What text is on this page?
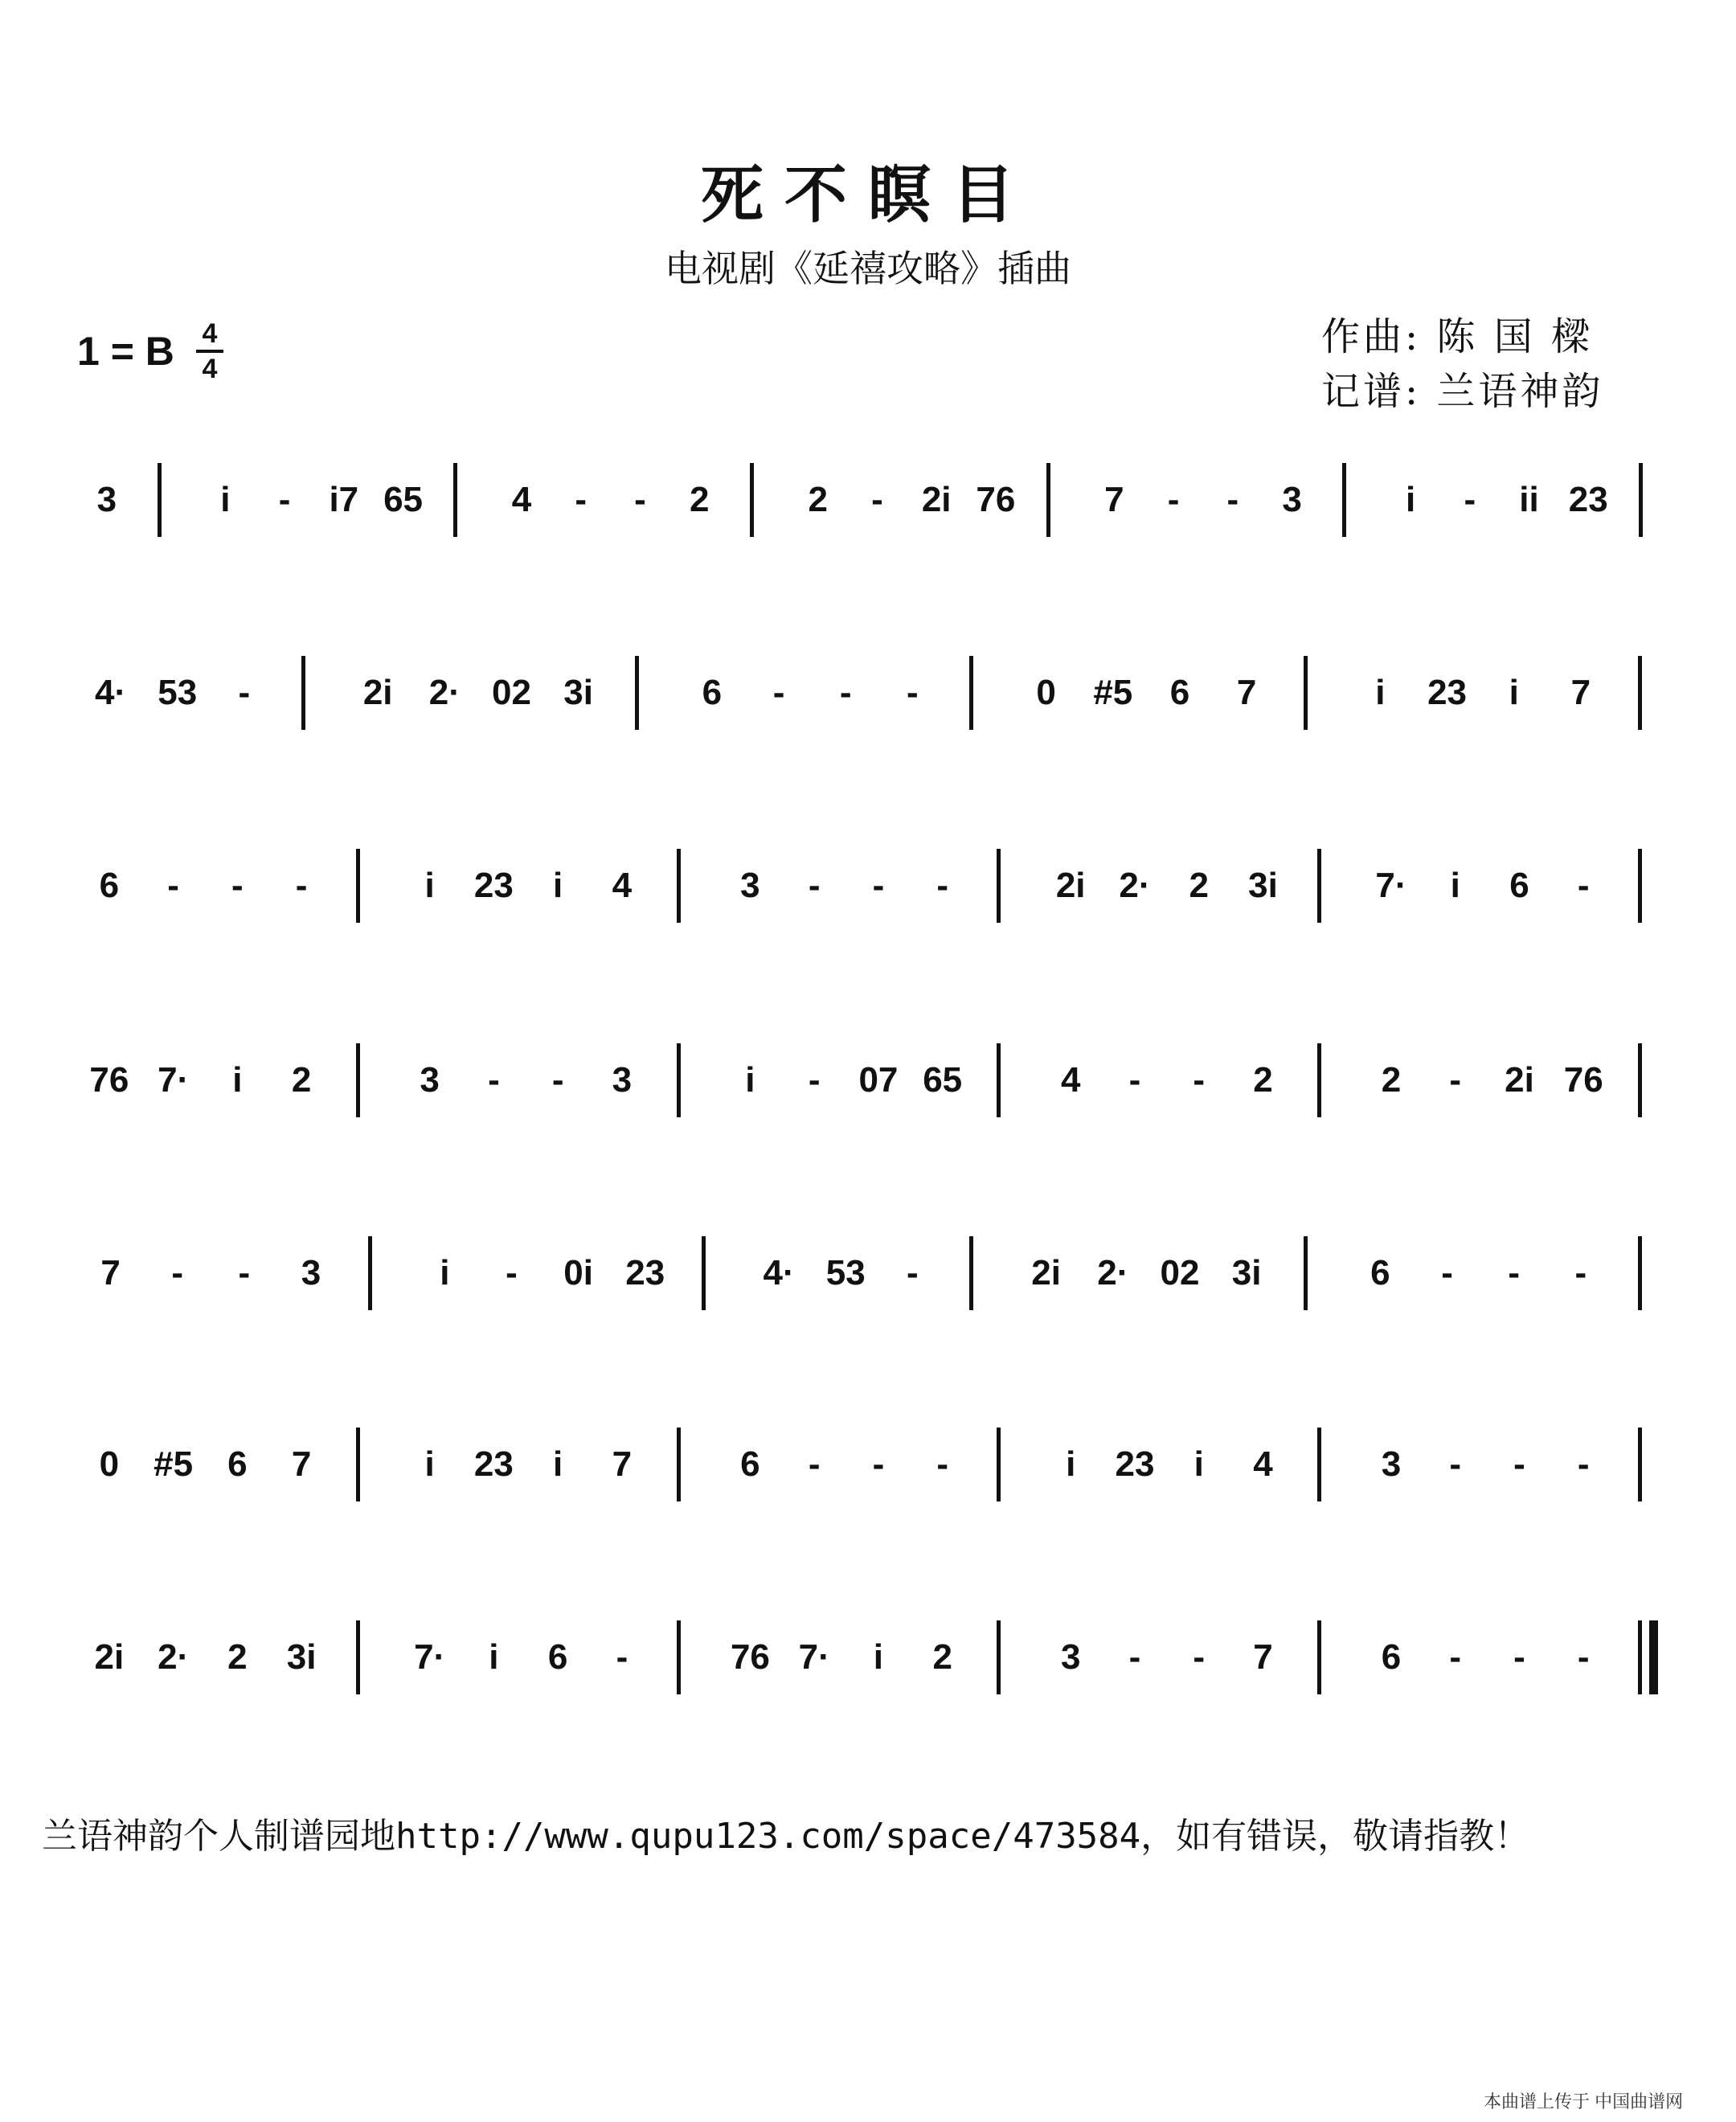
死不瞑目
电视剧《延禧攻略》插曲
1 = B 4
4
作曲: 陈 国 樑
记谱: 兰语神韵
3	i	-	i7 65	4	-	-	2	2	-	2i 76	7	-	-	3	i	-	ii 23
4· 53	-	2i	2· 02 3i	6	-	-	-	0	#5	6	7	i	23	i	7
6	-	-	-	i	23	i	4	3	-	-	-	2i 2·	2	3i	7·	i	6	-
76 7·	i	2	3	-	-	3	i	-	07 65	4	-	-	2	2	-	2i 76
7	-	-	3	i	-	0i 23	4· 53	-	2i	2· 02 3i	6	-	-	-
0 #5 6	7	i	23	i	7	6	-	-	-	i	23	i	4	3	-	-	-
2i 2·	2	3i	7·	i	6	-	76 7·	i	2	3	-	-	7	6	-	-	-
兰语神韵个人制谱园地http://www.qupu123.com/space/473584，如有错误，敬请指教！
本曲谱上传于 中国曲谱网
